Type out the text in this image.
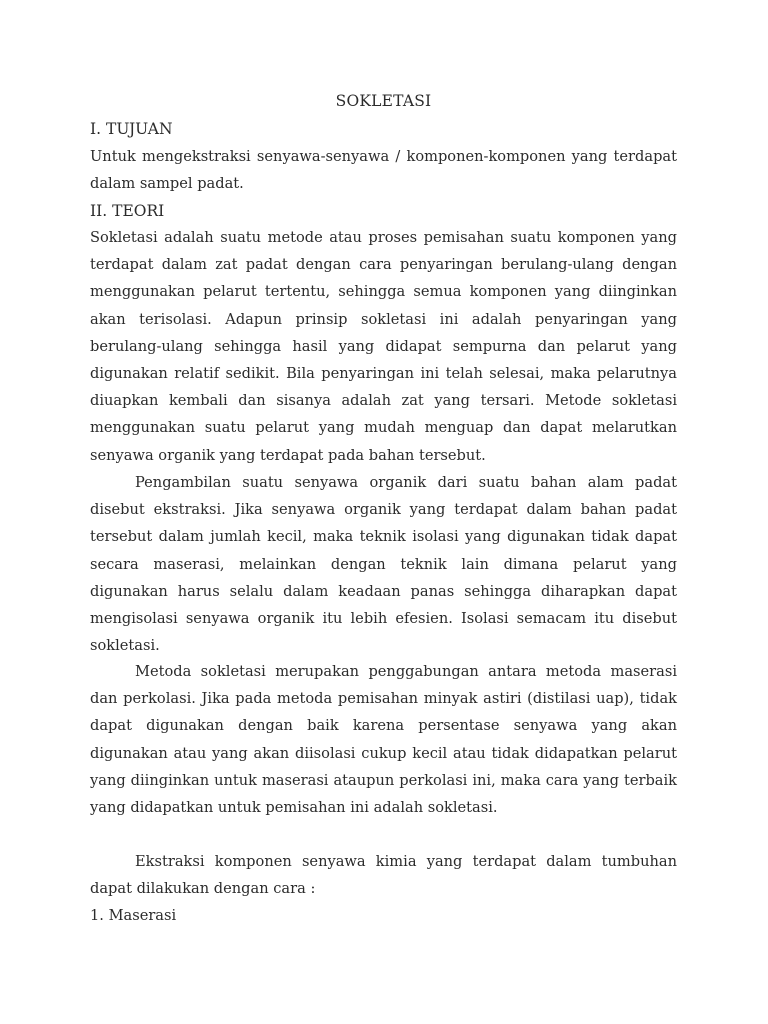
SOKLETASI
I. TUJUAN

Untuk mengekstraksi senyawa-senyawa / komponen-komponen yang terdapat dalam sampel padat.

II. TEORI

Sokletasi adalah suatu metode atau proses pemisahan suatu komponen yang terdapat dalam zat padat dengan cara penyaringan berulang-ulang dengan menggunakan pelarut tertentu, sehingga semua komponen yang diinginkan akan terisolasi. Adapun prinsip sokletasi ini adalah penyaringan yang berulang-ulang sehingga hasil yang didapat sempurna dan pelarut yang digunakan relatif sedikit. Bila penyaringan ini telah selesai, maka pelarutnya diuapkan kembali dan sisanya adalah zat yang tersari. Metode sokletasi menggunakan suatu pelarut yang mudah menguap dan dapat melarutkan senyawa organik yang terdapat pada bahan tersebut.

Pengambilan suatu senyawa organik dari suatu bahan alam padat disebut ekstraksi. Jika senyawa organik yang terdapat dalam bahan padat tersebut dalam jumlah kecil, maka teknik isolasi yang digunakan tidak dapat secara maserasi, melainkan dengan teknik lain dimana pelarut yang digunakan harus selalu dalam keadaan panas sehingga diharapkan dapat mengisolasi senyawa organik itu lebih efesien. Isolasi semacam itu disebut sokletasi.

Metoda sokletasi merupakan penggabungan antara metoda maserasi dan perkolasi. Jika pada metoda pemisahan minyak astiri (distilasi uap), tidak dapat digunakan dengan baik karena persentase senyawa yang akan digunakan atau yang akan diisolasi cukup kecil atau tidak didapatkan pelarut yang diinginkan untuk maserasi ataupun perkolasi ini, maka cara yang terbaik yang didapatkan untuk pemisahan ini adalah sokletasi.

Ekstraksi komponen senyawa kimia yang terdapat dalam tumbuhan dapat dilakukan dengan cara :

1. Maserasi
